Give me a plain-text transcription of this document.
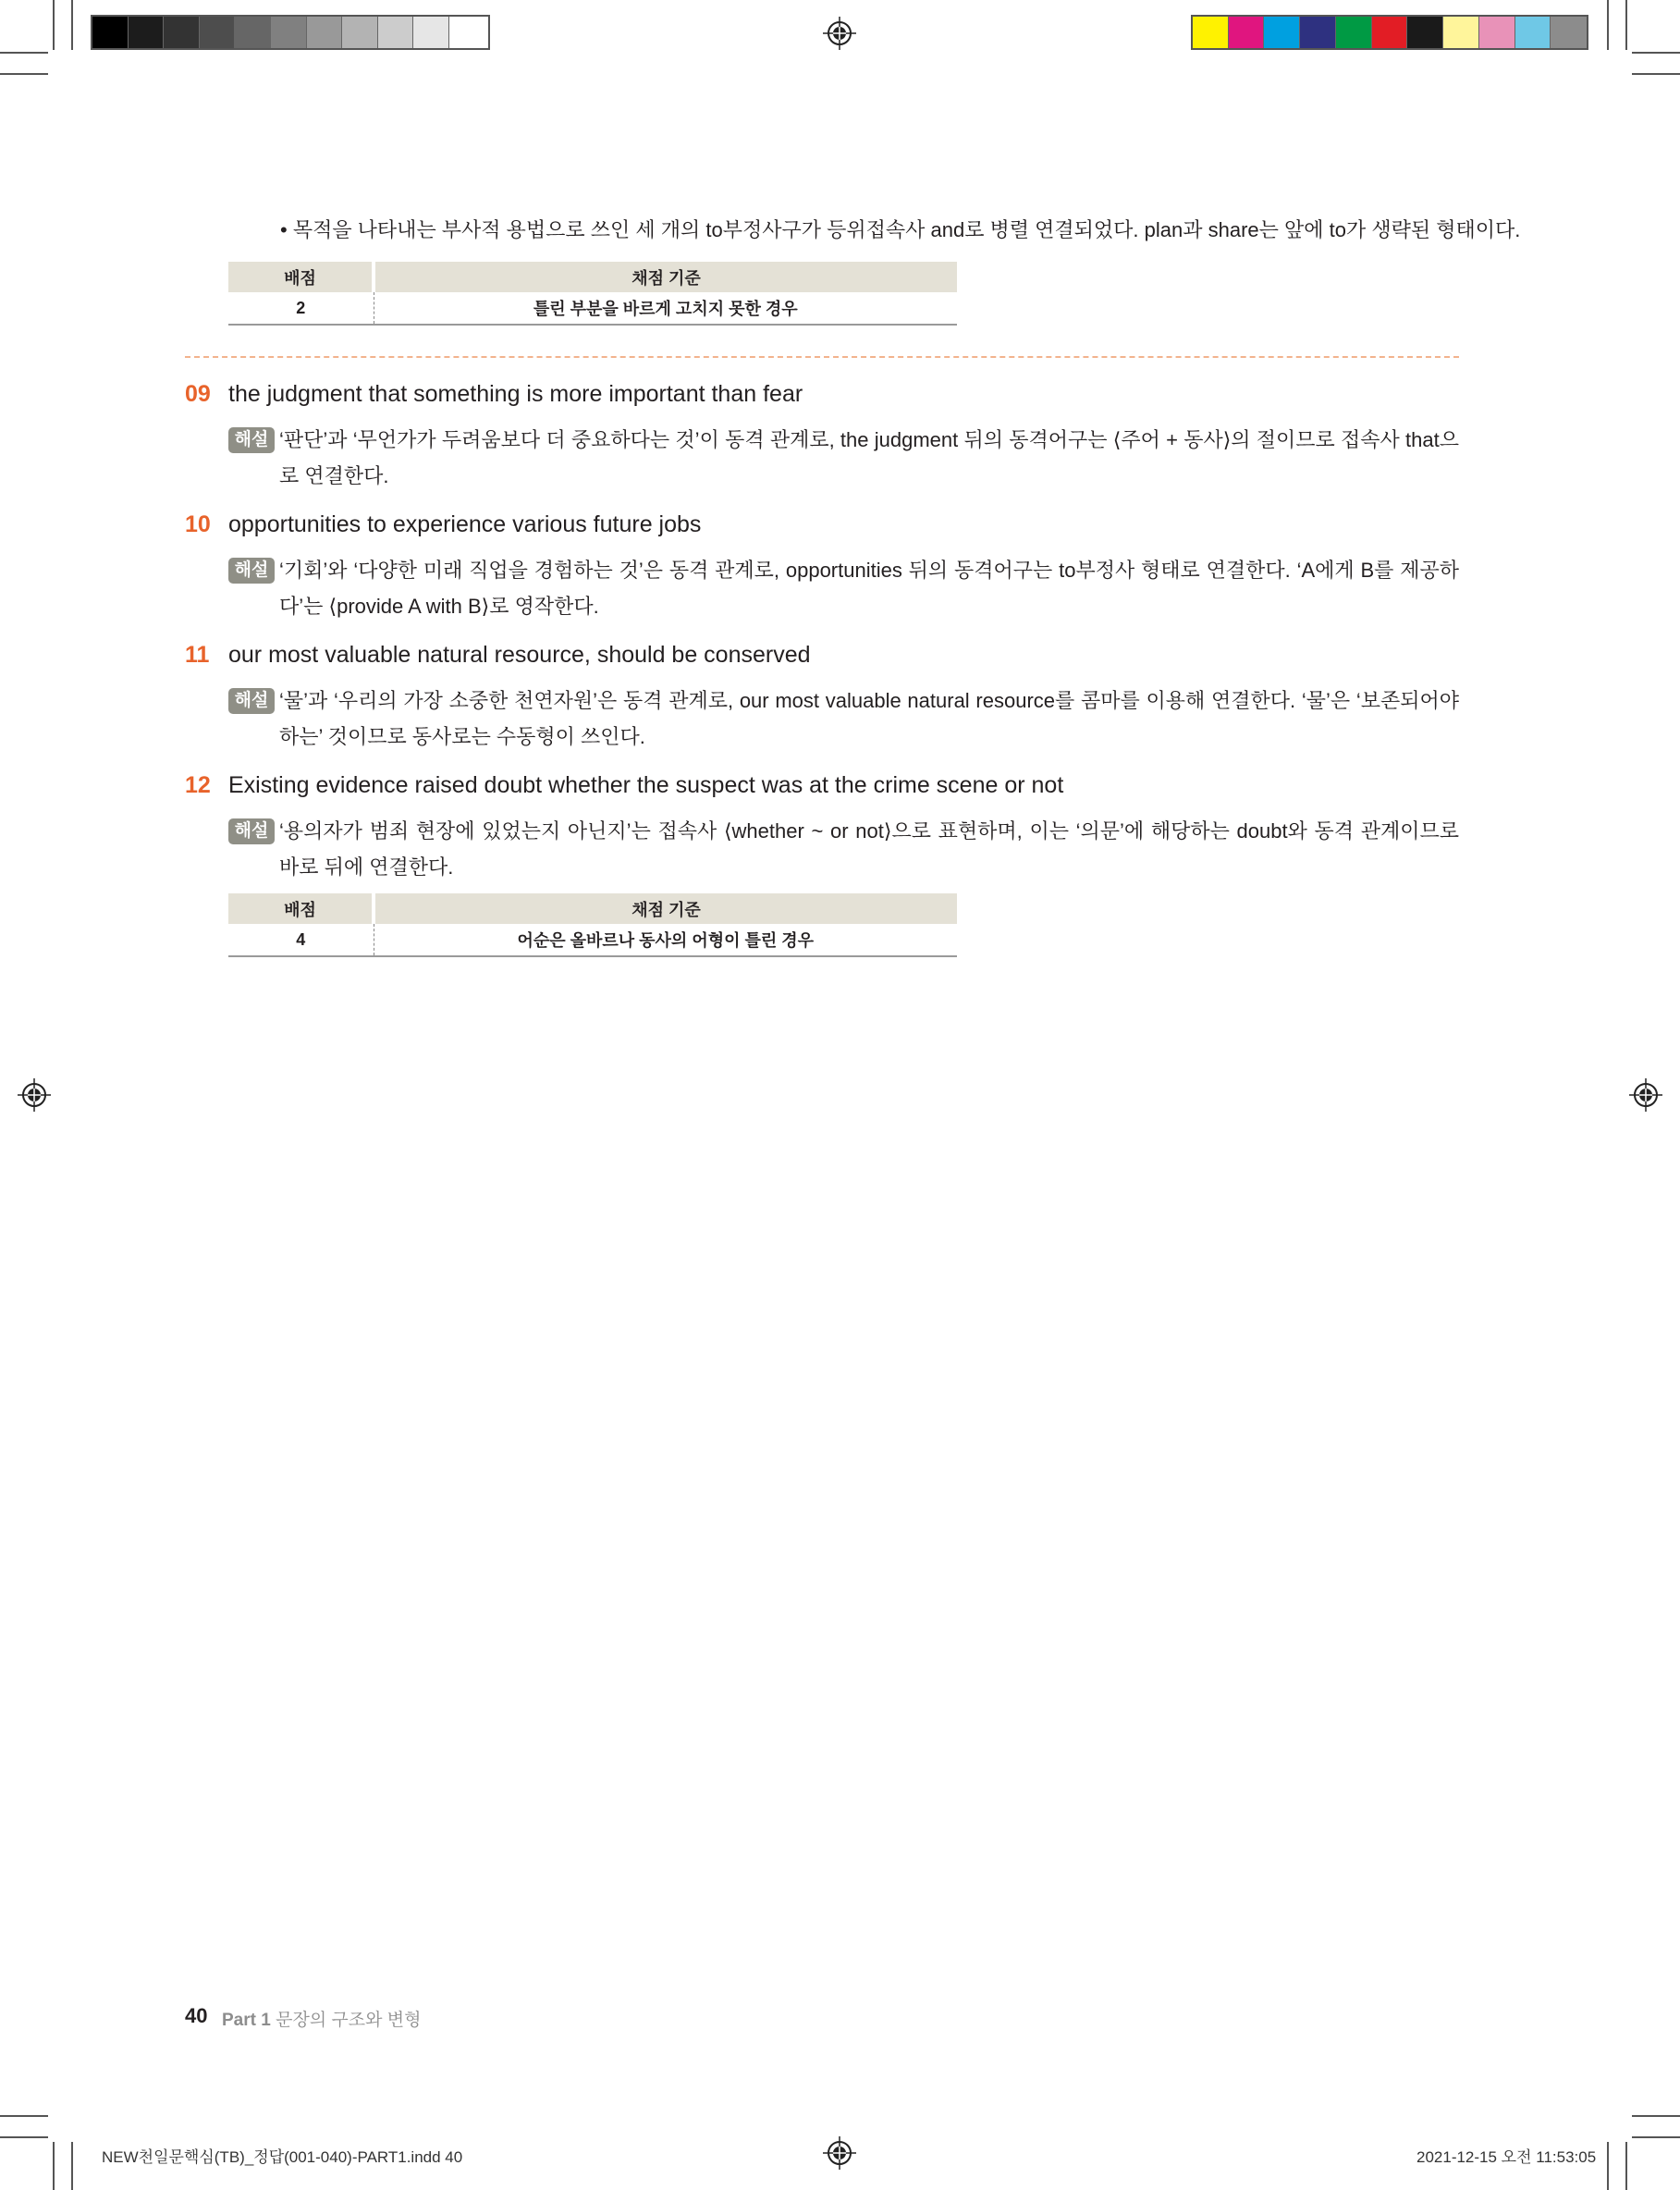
• 목적을 나타내는 부사적 용법으로 쓰인 세 개의 to부정사구가 등위접속사 and로 병렬 연결되었다. plan과 share는 앞에 to가 생략된 형태이다.
배점	채점 기준
2	틀린 부분을 바르게 고치지 못한 경우
09 the judgment that something is more important than fear
해설 ‘판단’과 ‘무언가가 두려움보다 더 중요하다는 것’이 동격 관계로, the judgment 뒤의 동격어구는 ⟨주어 + 동사⟩의 절이므로 접속사 that으로 연결한다.
10 opportunities to experience various future jobs
해설 ‘기회’와 ‘다양한 미래 직업을 경험하는 것’은 동격 관계로, opportunities 뒤의 동격어구는 to부정사 형태로 연결한다. ‘A에게 B를 제공하다’는 ⟨provide A with B⟩로 영작한다.
11 our most valuable natural resource, should be conserved
해설 ‘물’과 ‘우리의 가장 소중한 천연자원’은 동격 관계로, our most valuable natural resource를 콤마를 이용해 연결한다. ‘물’은 ‘보존되어야 하는’ 것이므로 동사로는 수동형이 쓰인다.
12 Existing evidence raised doubt whether the suspect was at the crime scene or not
해설 ‘용의자가 범죄 현장에 있었는지 아닌지’는 접속사 ⟨whether ~ or not⟩으로 표현하며, 이는 ‘의문’에 해당하는 doubt와 동격 관계이므로 바로 뒤에 연결한다.
배점	채점 기준
4	어순은 올바르나 동사의 어형이 틀린 경우
40 Part 1 문장의 구조와 변형
NEW천일문핵심(TB)_정답(001-040)-PART1.indd 40	2021-12-15 오전 11:53:05
